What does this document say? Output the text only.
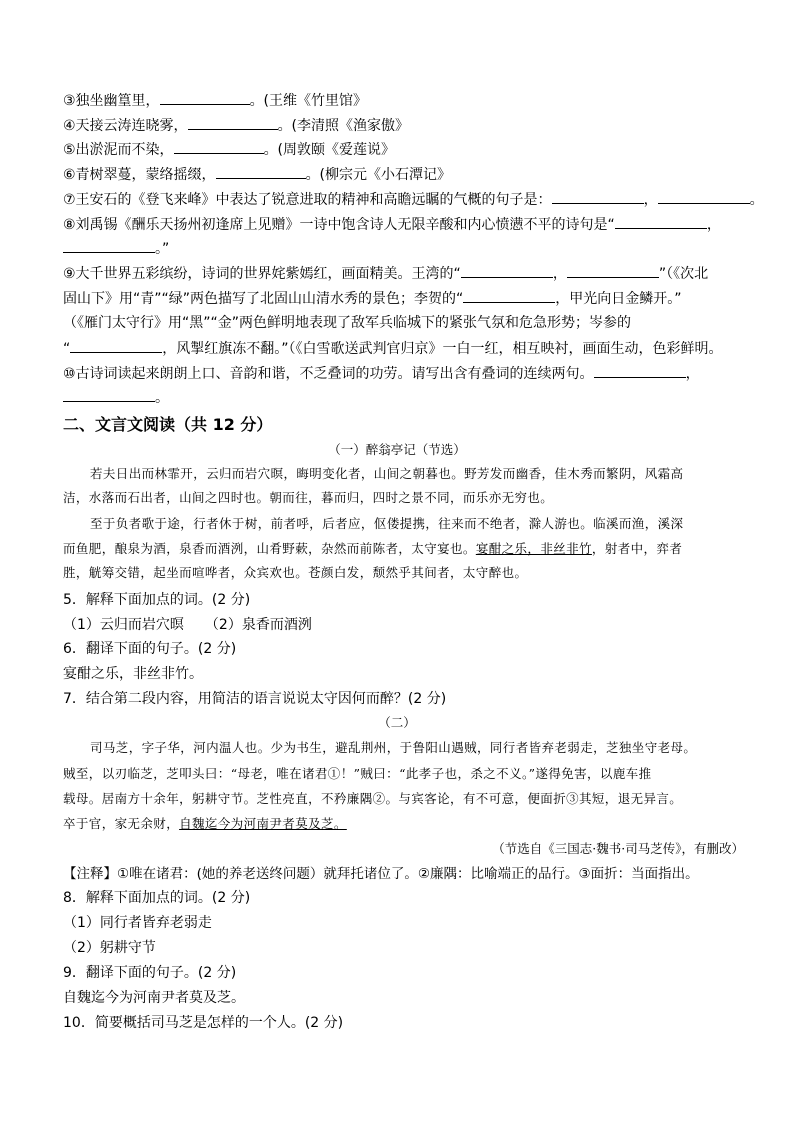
③独坐幽篁里，	。(王维《竹里馆》
④天接云涛连晓雾，	。(李清照《渔家傲》
⑤出淤泥而不染，	。(周敦颐《爱莲说》
⑥青树翠蔓，蒙络摇缀，	。(柳宗元《小石潭记》
⑦王安石的《登飞来峰》中表达了锐意进取的精神和高瞻远瞩的气概的句子是：	，	。
⑧刘禹锡《酬乐天扬州初逢席上见赠》一诗中饱含诗人无限辛酸和内心愤懑不平的诗句是“	，
。”
⑨大千世界五彩缤纷，诗词的世界姹紫嫣红，画面精美。王湾的“	，	”（《次北
固山下》用“青”“绿”两色描写了北固山山清水秀的景色；李贺的“	，甲光向日金鳞开。”
（《雁门太守行》用“黑”“金”两色鲜明地表现了敌军兵临城下的紧张气氛和危急形势；岑参的
“	，风掣红旗冻不翻。”（《白雪歌送武判官归京》一白一红，相互映衬，画面生动，色彩鲜明。
⑩古诗词读起来朗朗上口、音韵和谐，不乏叠词的功劳。请写出含有叠词的连续两句。	，
。
二、文言文阅读（共 12 分）
（一）醉翁亭记（节选）
若夫日出而林霏开，云归而岩穴暝，晦明变化者，山间之朝暮也。野芳发而幽香，佳木秀而繁阴，风霜高
洁，水落而石出者，山间之四时也。朝而往，暮而归，四时之景不同，而乐亦无穷也。
至于负者歌于途，行者休于树，前者呼，后者应，伛偻提携，往来而不绝者，滁人游也。临溪而渔，溪深
而鱼肥，酿泉为酒，泉香而酒洌，山肴野蔌，杂然而前陈者，太守宴也。宴酣之乐，非丝非竹，射者中，弈者
胜，觥筹交错，起坐而喧哗者，众宾欢也。苍颜白发，颓然乎其间者，太守醉也。
5．解释下面加点的词。(2 分)
（1）云归而岩穴暝　　（2）泉香而酒洌
6．翻译下面的句子。(2 分)
宴酣之乐，非丝非竹。
7．结合第二段内容，用简洁的语言说说太守因何而醉？(2 分)
（二）
司马芝，字子华，河内温人也。少为书生，避乱荆州，于鲁阳山遇贼，同行者皆弃老弱走，芝独坐守老母。
贼至，以刃临芝，芝叩头曰：“母老，唯在诸君①！”贼曰：“此孝子也，杀之不义。”遂得免害，以鹿车推
载母。居南方十余年，躬耕守节。芝性亮直，不矜廉隅②。与宾客论，有不可意，便面折③其短，退无异言。
卒于官，家无余财，自魏迄今为河南尹者莫及芝。
（节选自《三国志·魏书·司马芝传》，有删改）
【注释】①唯在诸君：(她的养老送终问题）就拜托诸位了。②廉隅：比喻端正的品行。③面折：当面指出。
8．解释下面加点的词。(2 分)
（1）同行者皆弃老弱走
（2）躬耕守节
9．翻译下面的句子。(2 分)
自魏迄今为河南尹者莫及芝。
10．简要概括司马芝是怎样的一个人。(2 分)
